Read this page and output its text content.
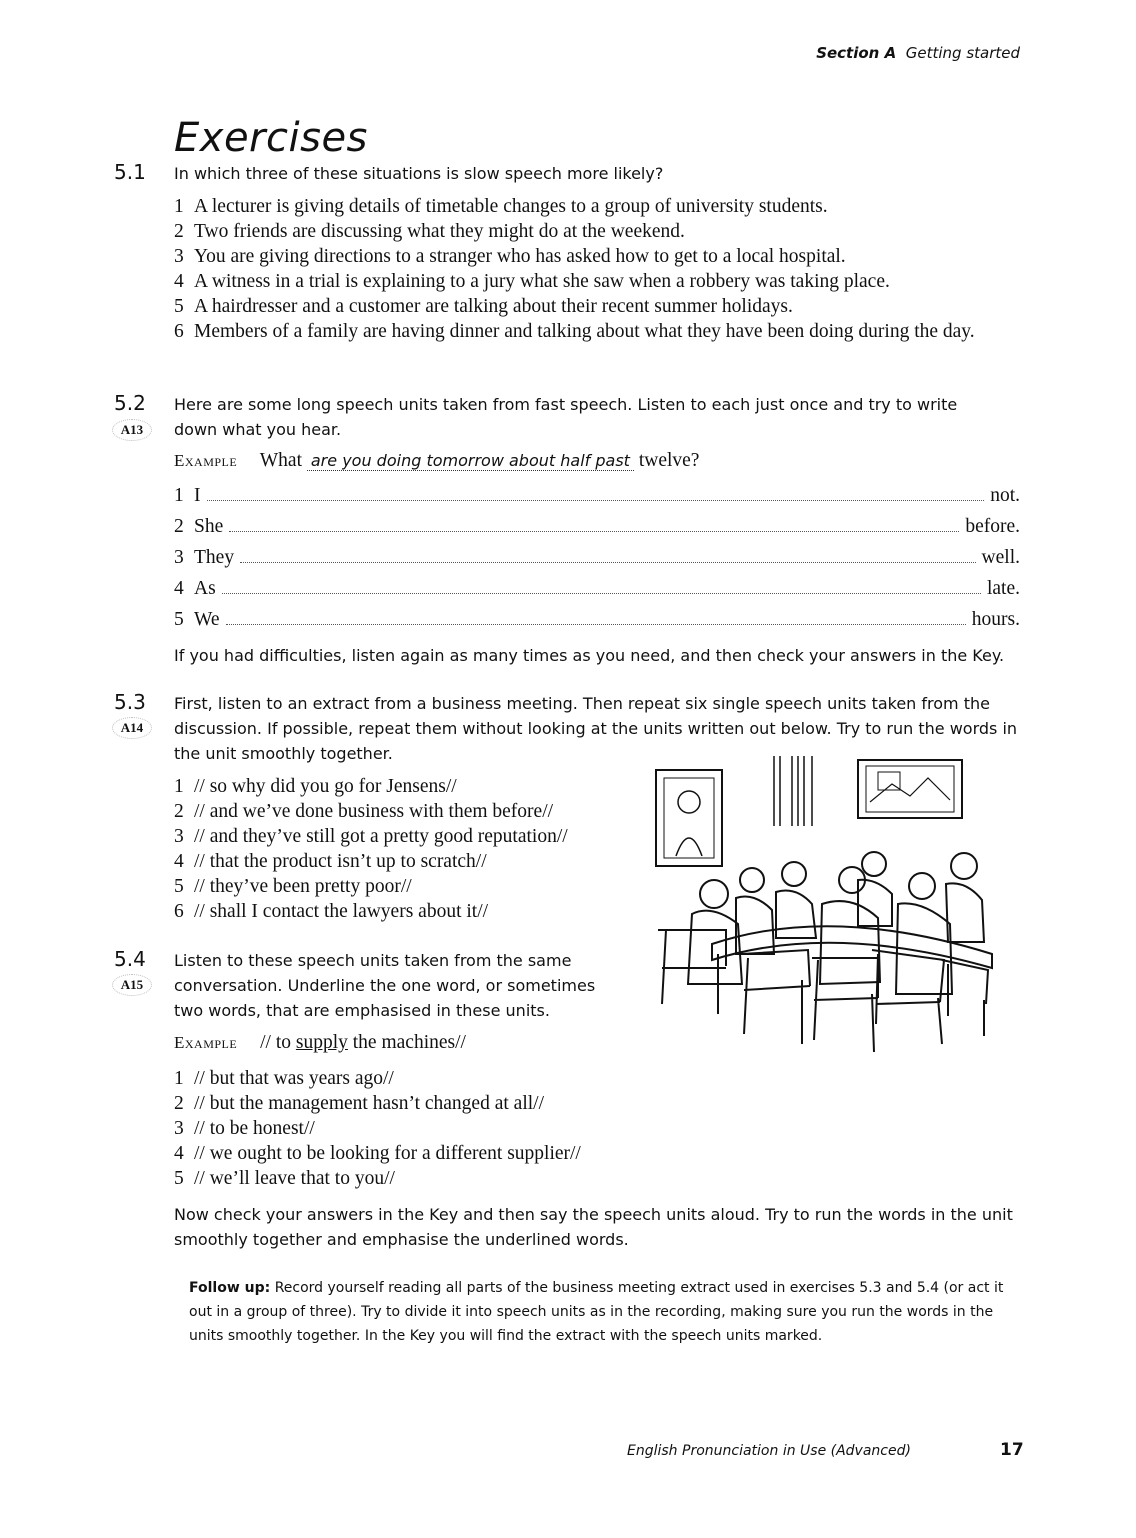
Section A Getting started
Exercises
5.1 In which three of these situations is slow speech more likely?
1 A lecturer is giving details of timetable changes to a group of university students.
2 Two friends are discussing what they might do at the weekend.
3 You are giving directions to a stranger who has asked how to get to a local hospital.
4 A witness in a trial is explaining to a jury what she saw when a robbery was taking place.
5 A hairdresser and a customer are talking about their recent summer holidays.
6 Members of a family are having dinner and talking about what they have been doing during the day.
5.2
A13
Here are some long speech units taken from fast speech. Listen to each just once and try to write down what you hear.
Example What are you doing tomorrow about half past twelve?
1 I	not.
2 She	before.
3 They	well.
4 As	late.
5 We	hours.
If you had difficulties, listen again as many times as you need, and then check your answers in the Key.
5.3
A14
First, listen to an extract from a business meeting. Then repeat six single speech units taken from the discussion. If possible, repeat them without looking at the units written out below. Try to run the words in the unit smoothly together.
1 // so why did you go for Jensens//
2 // and we’ve done business with them before//
3 // and they’ve still got a pretty good reputation//
4 // that the product isn’t up to scratch//
5 // they’ve been pretty poor//
6 // shall I contact the lawyers about it//
5.4
A15
Listen to these speech units taken from the same conversation. Underline the one word, or sometimes two words, that are emphasised in these units.
Example // to supply the machines//
1 // but that was years ago//
2 // but the management hasn’t changed at all//
3 // to be honest//
4 // we ought to be looking for a different supplier//
5 // we’ll leave that to you//
Now check your answers in the Key and then say the speech units aloud. Try to run the words in the unit smoothly together and emphasise the underlined words.
Follow up: Record yourself reading all parts of the business meeting extract used in exercises 5.3 and 5.4 (or act it out in a group of three). Try to divide it into speech units as in the recording, making sure you run the words in the units smoothly together. In the Key you will find the extract with the speech units marked.
English Pronunciation in Use (Advanced)	17
